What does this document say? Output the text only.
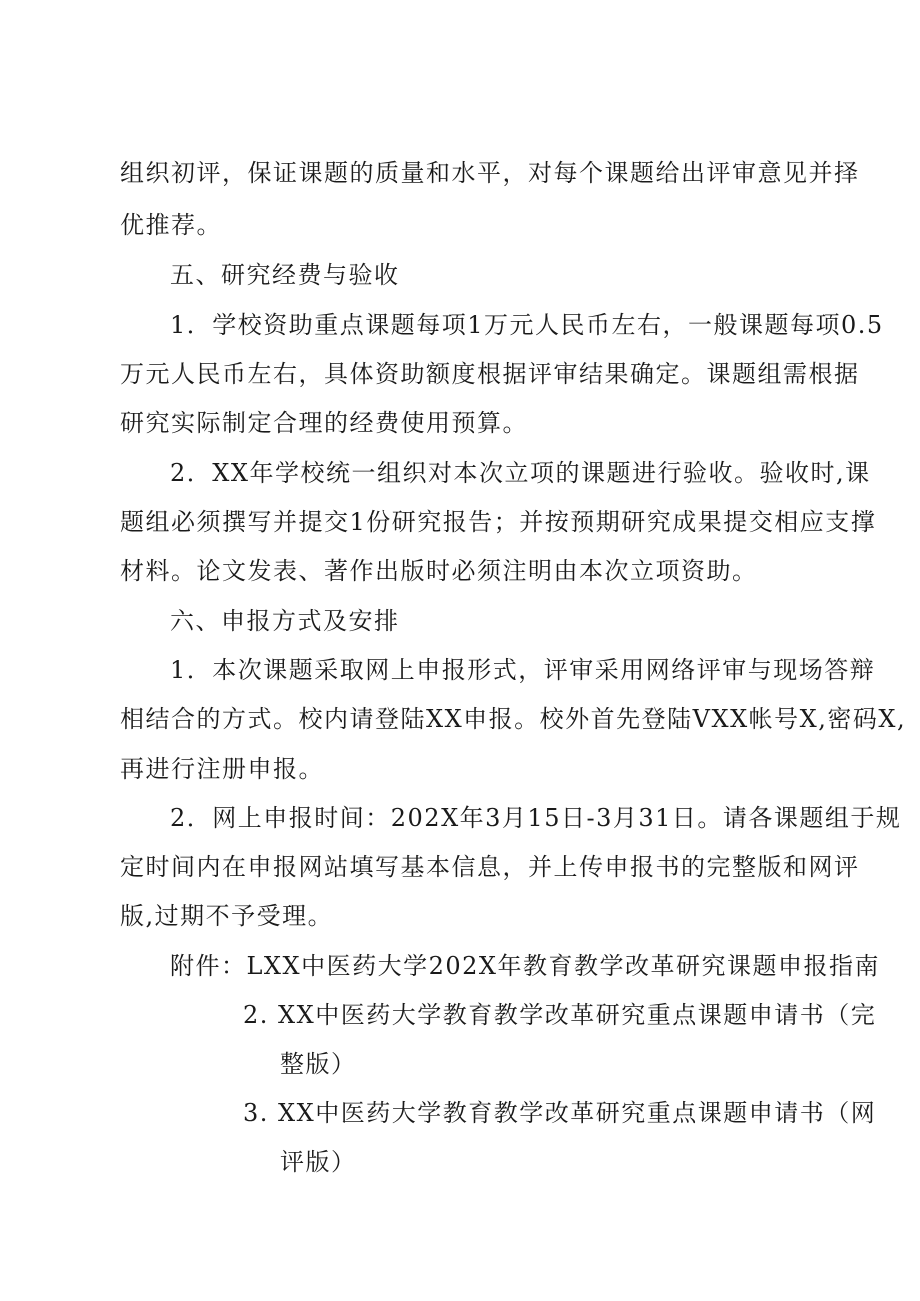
组织初评，保证课题的质量和水平，对每个课题给出评审意见并择
优推荐。
五、研究经费与验收
1．学校资助重点课题每项1万元人民币左右，一般课题每项0.5
万元人民币左右，具体资助额度根据评审结果确定。课题组需根据
研究实际制定合理的经费使用预算。
2．XX年学校统一组织对本次立项的课题进行验收。验收时,课
题组必须撰写并提交1份研究报告；并按预期研究成果提交相应支撑
材料。论文发表、著作出版时必须注明由本次立项资助。
六、申报方式及安排
1．本次课题采取网上申报形式，评审采用网络评审与现场答辩
相结合的方式。校内请登陆XX申报。校外首先登陆VXX帐号X,密码X,
再进行注册申报。
2．网上申报时间：202X年3月15日-3月31日。请各课题组于规
定时间内在申报网站填写基本信息，并上传申报书的完整版和网评
版,过期不予受理。
附件：LXX中医药大学202X年教育教学改革研究课题申报指南
2. XX中医药大学教育教学改革研究重点课题申请书（完
整版）
3. XX中医药大学教育教学改革研究重点课题申请书（网
评版）
